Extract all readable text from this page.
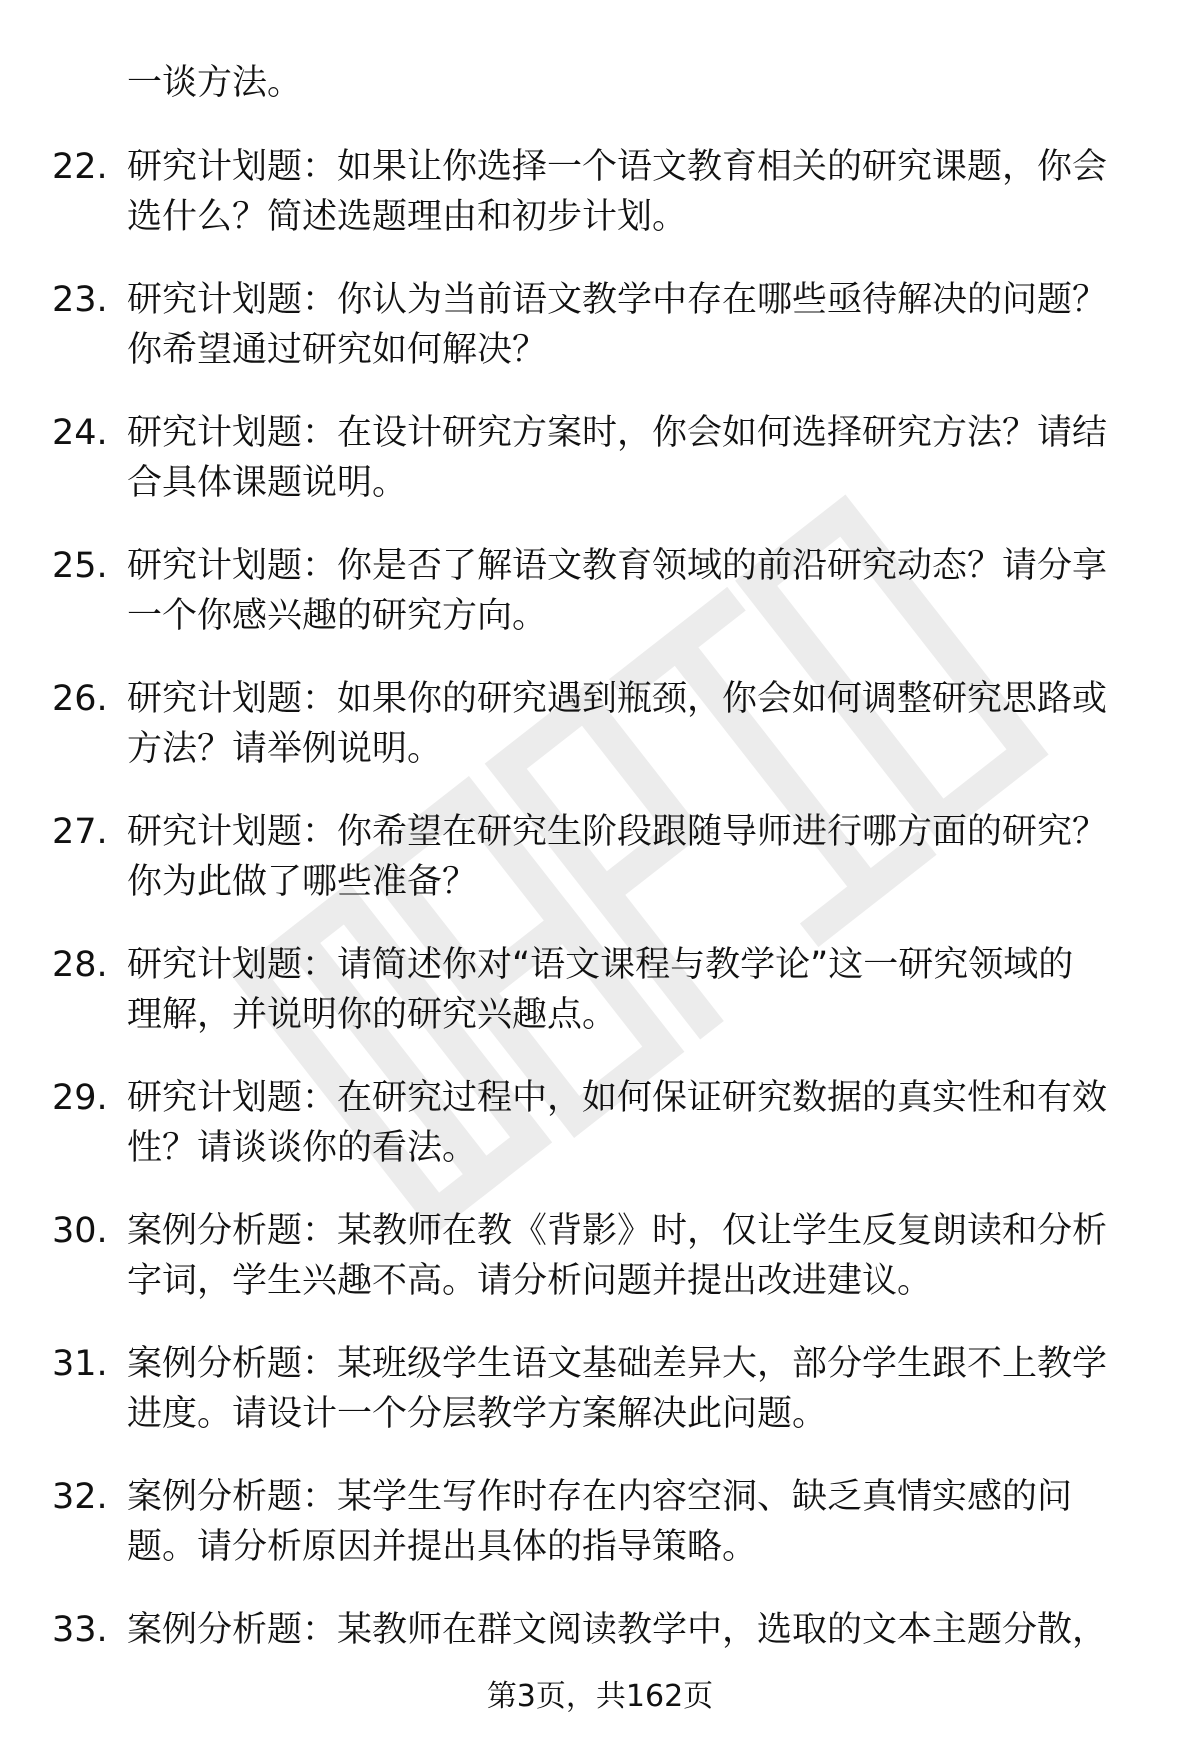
一谈方法。
22. 研究计划题：如果让你选择一个语文教育相关的研究课题，你会
选什么？简述选题理由和初步计划。
23. 研究计划题：你认为当前语文教学中存在哪些亟待解决的问题？
你希望通过研究如何解决？
24. 研究计划题：在设计研究方案时，你会如何选择研究方法？请结
合具体课题说明。
25. 研究计划题：你是否了解语文教育领域的前沿研究动态？请分享
一个你感兴趣的研究方向。
26. 研究计划题：如果你的研究遇到瓶颈，你会如何调整研究思路或
方法？请举例说明。
27. 研究计划题：你希望在研究生阶段跟随导师进行哪方面的研究？
你为此做了哪些准备？
28. 研究计划题：请简述你对“语文课程与教学论”这一研究领域的
理解，并说明你的研究兴趣点。
29. 研究计划题：在研究过程中，如何保证研究数据的真实性和有效
性？请谈谈你的看法。
30. 案例分析题：某教师在教《背影》时，仅让学生反复朗读和分析
字词，学生兴趣不高。请分析问题并提出改进建议。
31. 案例分析题：某班级学生语文基础差异大，部分学生跟不上教学
进度。请设计一个分层教学方案解决此问题。
32. 案例分析题：某学生写作时存在内容空洞、缺乏真情实感的问
题。请分析原因并提出具体的指导策略。
33. 案例分析题：某教师在群文阅读教学中，选取的文本主题分散，
第3页，共162页
